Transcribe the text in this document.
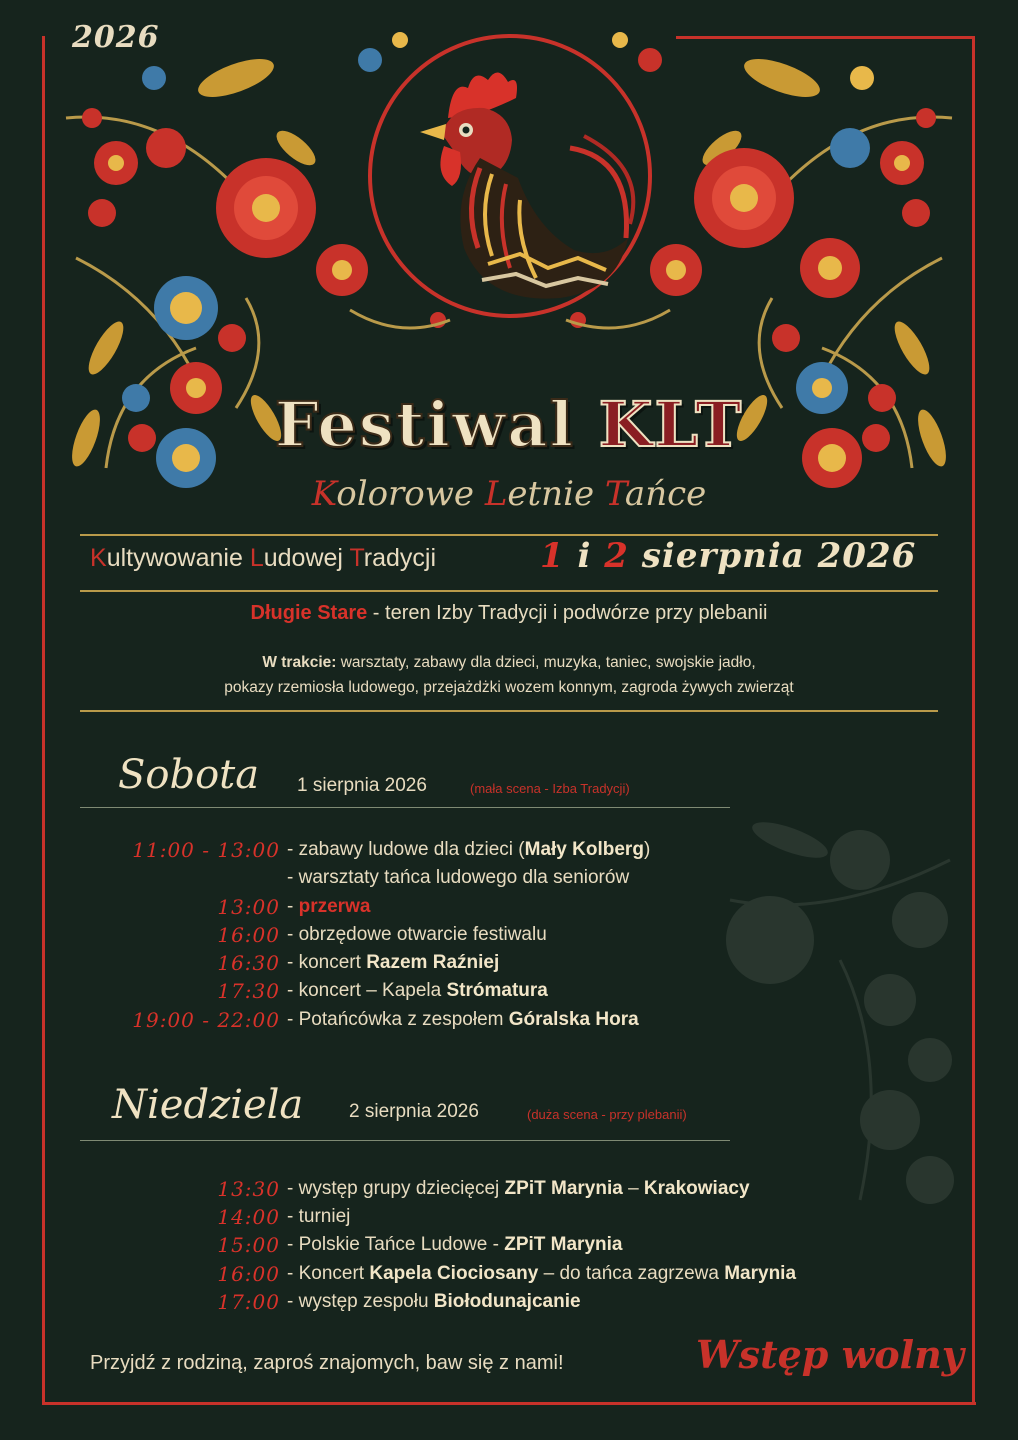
2026
Festiwal KLT
Kolorowe Letnie Tańce
Kultywowanie Ludowej Tradycji	1 i 2 sierpnia 2026
Długie Stare - teren Izby Tradycji i podwórze przy plebanii
W trakcie: warsztaty, zabawy dla dzieci, muzyka, taniec, swojskie jadło,
pokazy rzemiosła ludowego, przejażdżki wozem konnym, zagroda żywych zwierząt
Sobota 1 sierpnia 2026	(mała scena - Izba Tradycji)
11:00 - 13:00 - zabawy ludowe dla dzieci (Mały Kolberg)
- warsztaty tańca ludowego dla seniorów
13:00 - przerwa
16:00 - obrzędowe otwarcie festiwalu
16:30 - koncert Razem Raźniej
17:30 - koncert – Kapela Strómatura
19:00 - 22:00 - Potańcówka z zespołem Góralska Hora
Niedziela 2 sierpnia 2026	(duża scena - przy plebanii)
13:30 - występ grupy dziecięcej ZPiT Marynia – Krakowiacy
14:00 - turniej
15:00 - Polskie Tańce Ludowe - ZPiT Marynia
16:00 - Koncert Kapela Ciociosany – do tańca zagrzewa Marynia
17:00 - występ zespołu Biołodunajcanie
Przyjdź z rodziną, zaproś znajomych, baw się z nami!	Wstęp wolny
